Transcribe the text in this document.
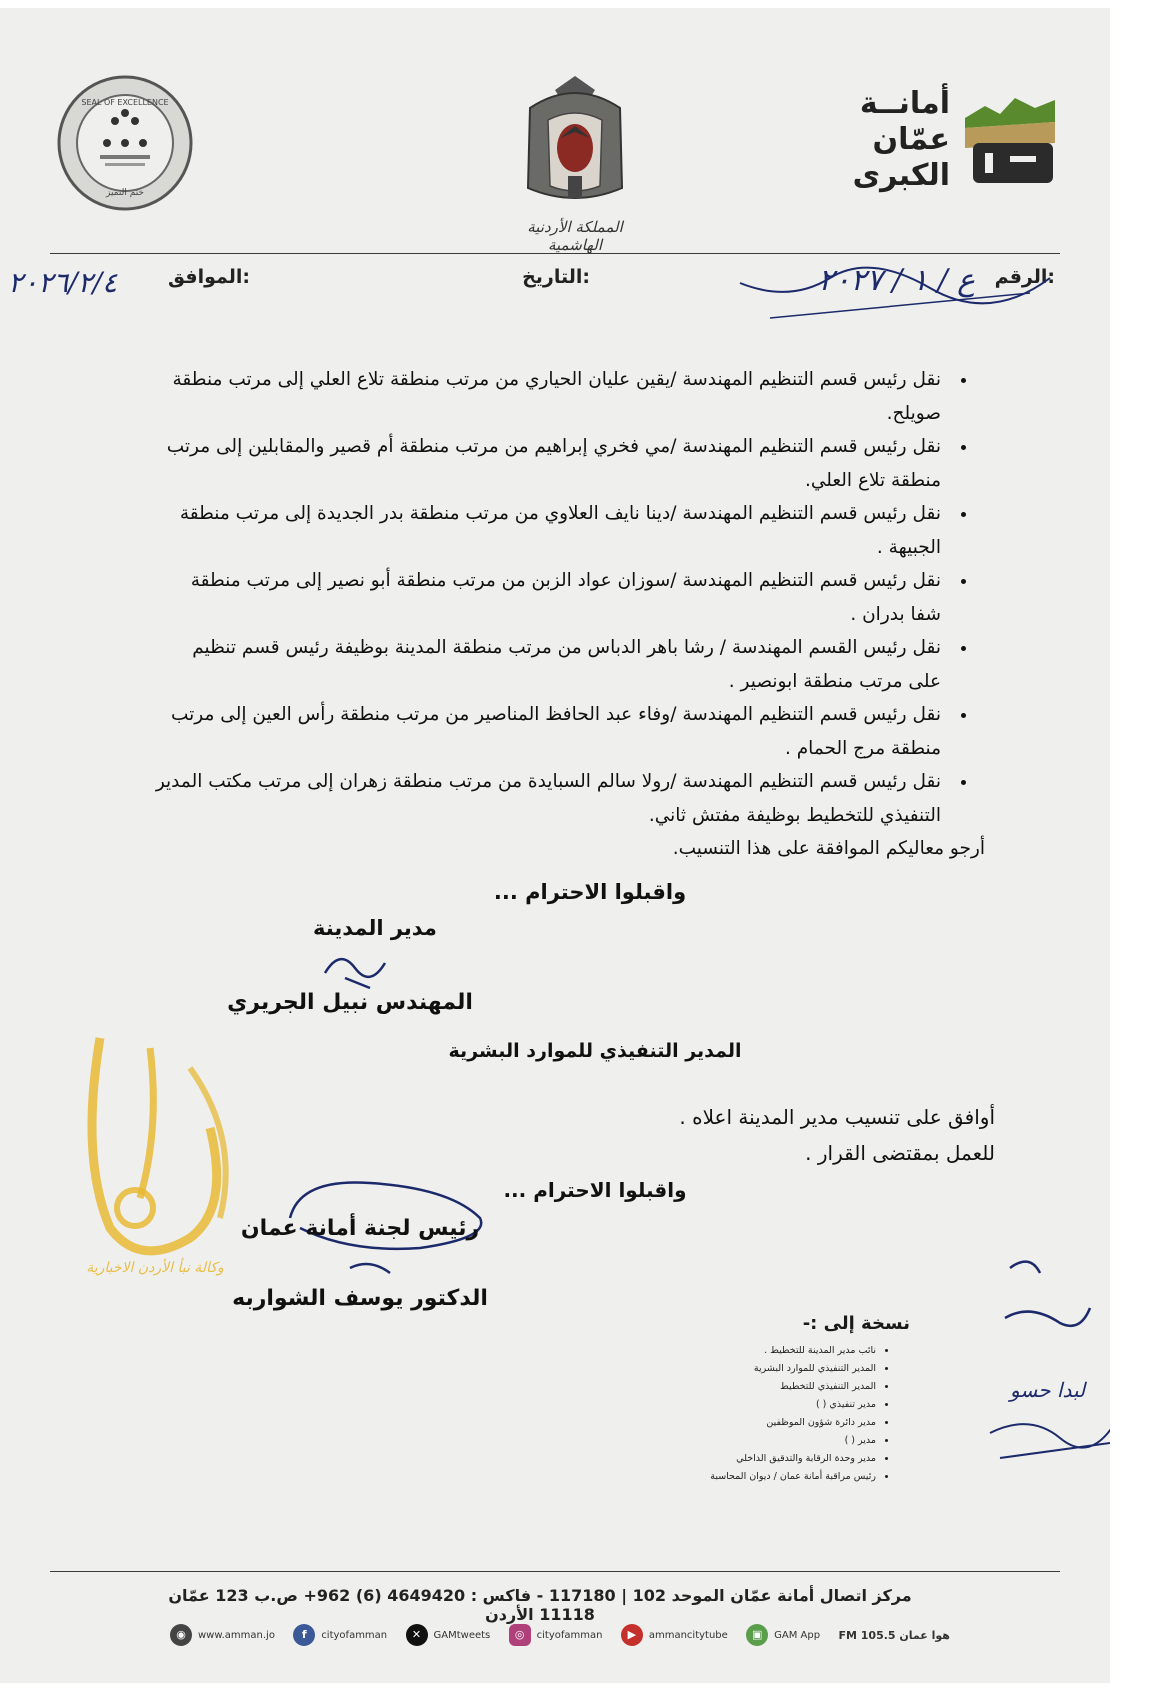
SEAL OF EXCELLENCE
ختم التميز
المملكة الأردنية الهاشمية
أمانــة
عمّان
الكبرى
الرقم:
ع / ١ / ٢٠٢٧
التاريخ:
الموافق:
٢٠٢٦/٢/٤
• نقل رئيس قسم التنظيم المهندسة /يقين عليان الحياري من مرتب منطقة تلاع العلي إلى مرتب منطقة صويلح.
• نقل رئيس قسم التنظيم المهندسة /مي فخري إبراهيم من مرتب منطقة أم قصير والمقابلين إلى مرتب منطقة تلاع العلي.
• نقل رئيس قسم التنظيم المهندسة /دينا نايف العلاوي من مرتب منطقة بدر الجديدة إلى مرتب منطقة الجبيهة .
• نقل رئيس قسم التنظيم المهندسة /سوزان عواد الزبن من مرتب منطقة أبو نصير إلى مرتب منطقة شفا بدران .
• نقل رئيس القسم المهندسة / رشا باهر الدباس من مرتب منطقة المدينة بوظيفة رئيس قسم تنظيم على مرتب منطقة ابونصير .
• نقل رئيس قسم التنظيم المهندسة /وفاء عبد الحافظ المناصير من مرتب منطقة رأس العين إلى مرتب منطقة مرج الحمام .
• نقل رئيس قسم التنظيم المهندسة /رولا سالم السبايدة من مرتب منطقة زهران إلى مرتب مكتب المدير التنفيذي للتخطيط بوظيفة مفتش ثاني.

أرجو معاليكم الموافقة على هذا التنسيب.

واقبلوا الاحترام ...
مدير المدينة
المهندس نبيل الجريري
المدير التنفيذي للموارد البشرية
أوافق على تنسيب مدير المدينة اعلاه .
للعمل بمقتضى القرار .
واقبلوا الاحترام ...
رئيس لجنة أمانة عمان
الدكتور يوسف الشواربه
نسخة إلى :-
• نائب مدير المدينة للتخطيط .
• المدير التنفيذي للموارد البشرية
• المدير التنفيذي للتخطيط
• مدير تنفيذي ( )
• مدير دائرة شؤون الموظفين
• مدير ( )
• مدير وحدة الرقابة والتدقيق الداخلي
• رئيس مراقبة أمانة عمان / ديوان المحاسبة
لبدا حسو
وكالة نبأ الأردن الاخبارية
مركز اتصال أمانة عمّان الموحد 102 | 117180 - فاكس : 4649420 (6) 962+ ص.ب 123 عمّان 11118 الأردن
هوا عمان 105.5 FM
▣	GAM App
▶	ammancitytube
◎	cityofamman
✕	GAMtweets
f	cityofamman
◉	www.amman.jo
